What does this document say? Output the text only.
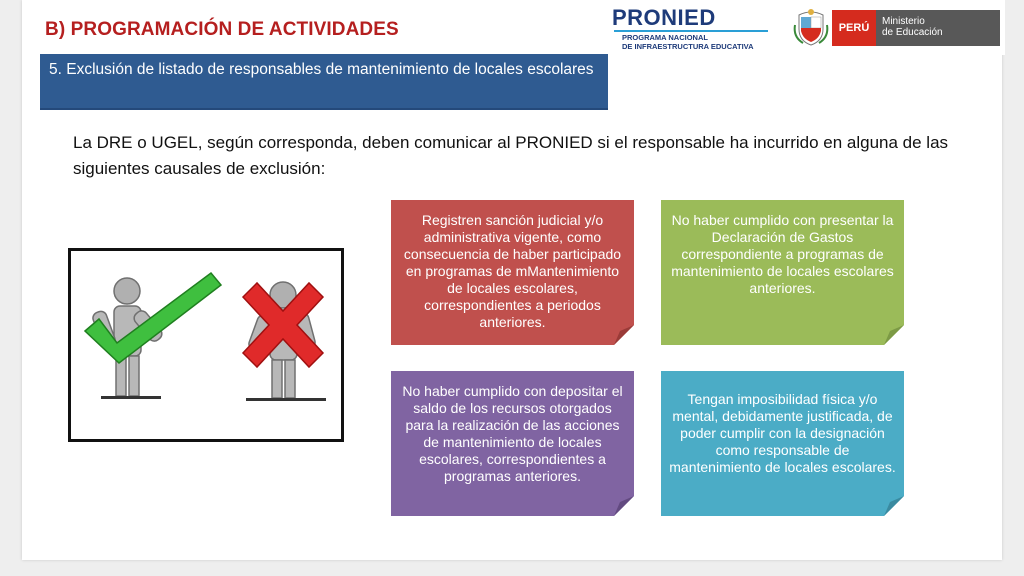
B) PROGRAMACIÓN DE ACTIVIDADES	PRONIED
PROGRAMA NACIONAL
DE INFRAESTRUCTURA EDUCATIVA
PERÚ
Ministerio
de Educación
5. Exclusión de listado de responsables de mantenimiento de locales escolares
La DRE o UGEL, según corresponda, deben comunicar al PRONIED si el responsable ha incurrido en alguna de las siguientes causales de exclusión:
Registren sanción judicial y/o administrativa vigente, como consecuencia de haber participado en programas de mMantenimiento de locales escolares, correspondientes a periodos anteriores.
No haber cumplido con presentar la Declaración de Gastos correspondiente a programas de mantenimiento de locales escolares anteriores.
No haber cumplido con depositar el saldo de los recursos otorgados para la realización de las acciones de mantenimiento de locales escolares, correspondientes a programas anteriores.
Tengan imposibilidad física y/o mental, debidamente justificada, de poder cumplir con la designación como responsable de mantenimiento de locales escolares.
